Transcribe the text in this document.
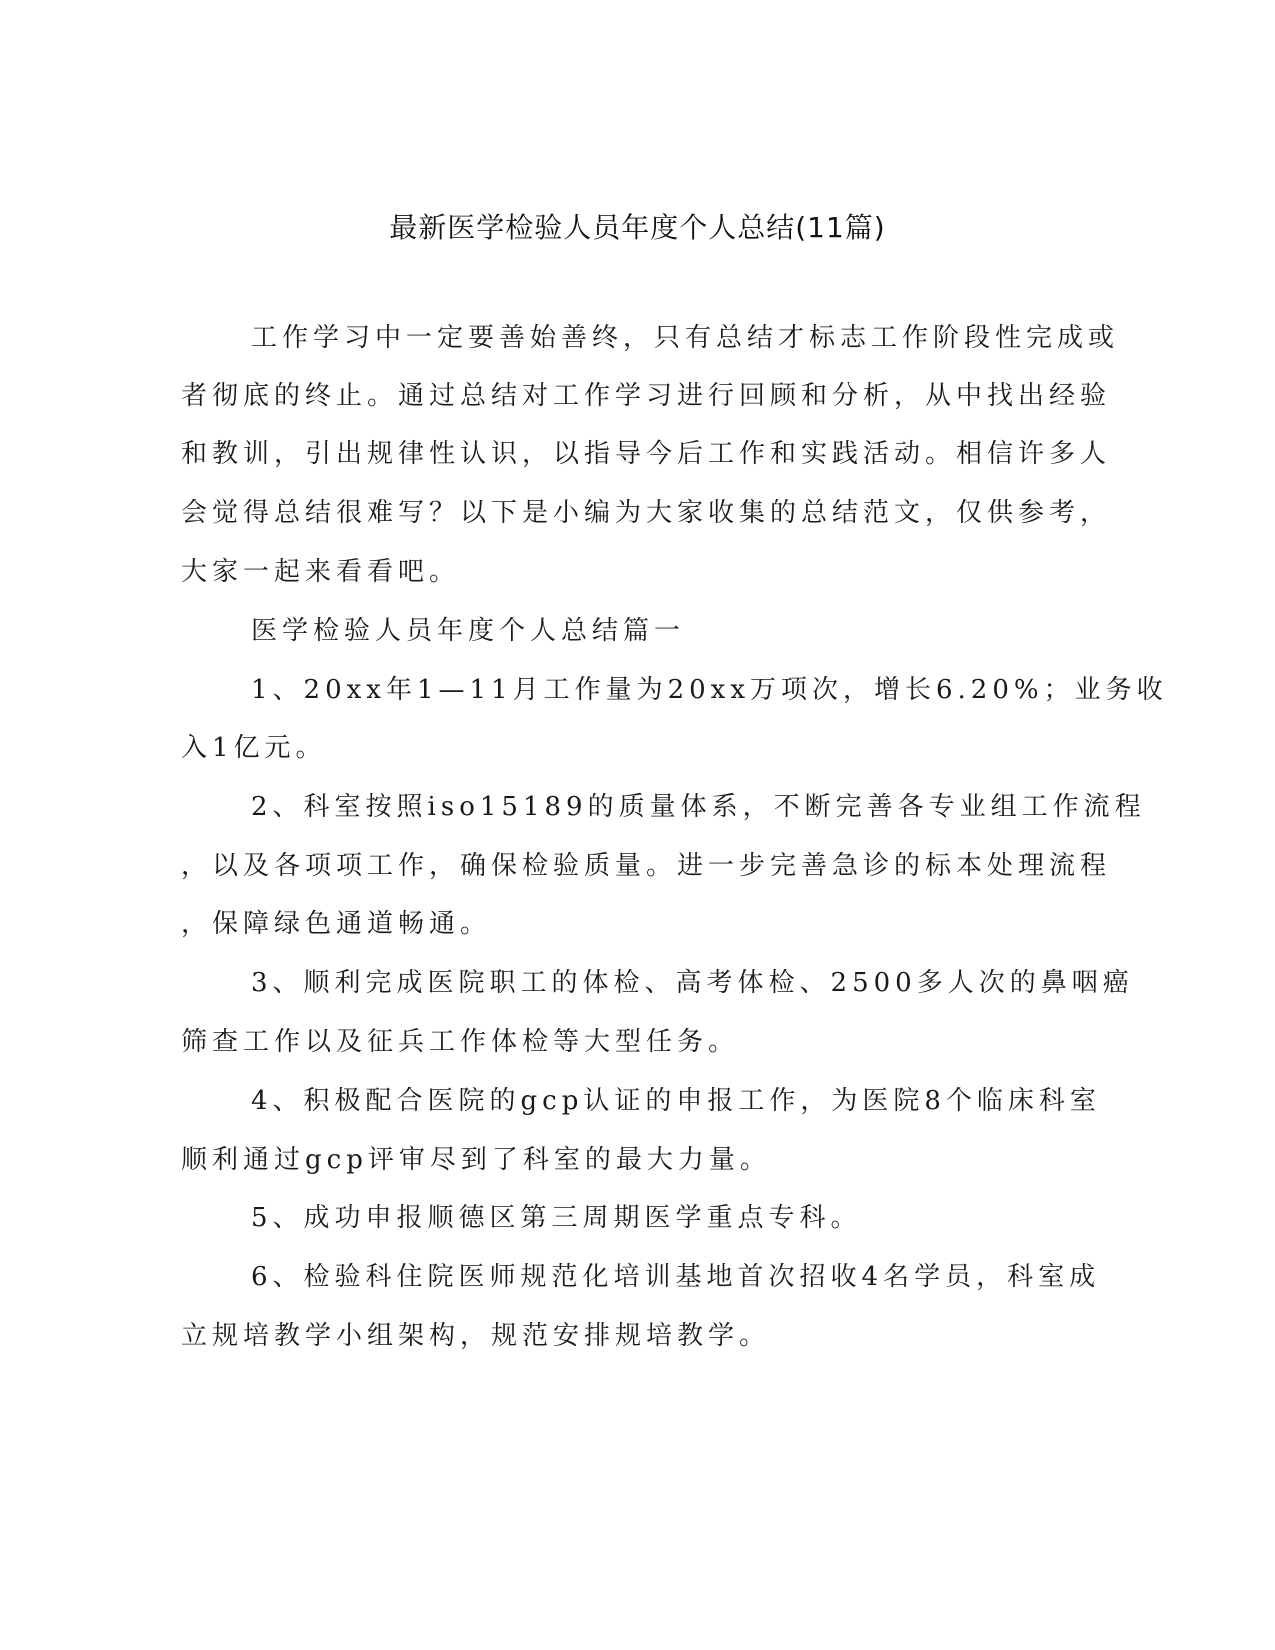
最新医学检验人员年度个人总结(11篇)
工作学习中一定要善始善终，只有总结才标志工作阶段性完成或
者彻底的终止。通过总结对工作学习进行回顾和分析，从中找出经验
和教训，引出规律性认识，以指导今后工作和实践活动。相信许多人
会觉得总结很难写？以下是小编为大家收集的总结范文，仅供参考，
大家一起来看看吧。
医学检验人员年度个人总结篇一
1、20xx年1—11月工作量为20xx万项次，增长6.20%；业务收
入1亿元。
2、科室按照iso15189的质量体系，不断完善各专业组工作流程
，以及各项项工作，确保检验质量。进一步完善急诊的标本处理流程
，保障绿色通道畅通。
3、顺利完成医院职工的体检、高考体检、2500多人次的鼻咽癌
筛查工作以及征兵工作体检等大型任务。
4、积极配合医院的gcp认证的申报工作，为医院8个临床科室
顺利通过gcp评审尽到了科室的最大力量。
5、成功申报顺德区第三周期医学重点专科。
6、检验科住院医师规范化培训基地首次招收4名学员，科室成
立规培教学小组架构，规范安排规培教学。
